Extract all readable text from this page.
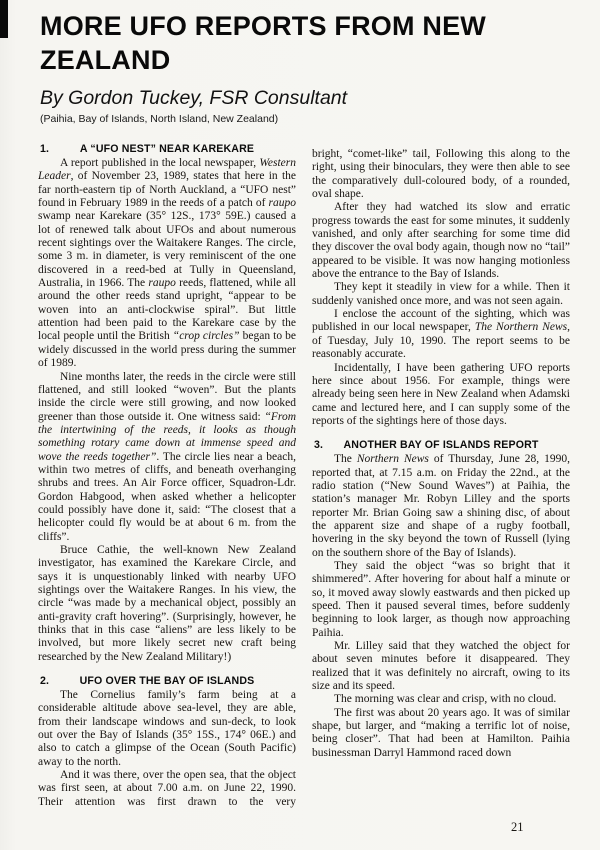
MORE UFO REPORTS FROM NEW
ZEALAND
By Gordon Tuckey, FSR Consultant
(Paihia, Bay of Islands, North Island, New Zealand)
1.	A “UFO NEST” NEAR KAREKARE

A report published in the local newspaper, Western Leader, of November 23, 1989, states that here in the far north-eastern tip of North Auckland, a “UFO nest” found in February 1989 in the reeds of a patch of raupo swamp near Karekare (35° 12S., 173° 59E.) caused a lot of renewed talk about UFOs and about numerous recent sightings over the Waitakere Ranges. The circle, some 3 m. in diameter, is very reminiscent of the one discovered in a reed-bed at Tully in Queensland, Australia, in 1966. The raupo reeds, flattened, while all around the other reeds stand upright, “appear to be woven into an anti-clockwise spiral”. But little attention had been paid to the Karekare case by the local people until the British “crop circles” began to be widely discussed in the world press during the summer of 1989.

Nine months later, the reeds in the circle were still flattened, and still looked “woven”. But the plants inside the circle were still growing, and now looked greener than those outside it. One witness said: “From the intertwining of the reeds, it looks as though something rotary came down at immense speed and wove the reeds together”. The circle lies near a beach, within two metres of cliffs, and beneath overhanging shrubs and trees. An Air Force officer, Squadron-Ldr. Gordon Habgood, when asked whether a helicopter could possibly have done it, said: “The closest that a helicopter could fly would be at about 6 m. from the cliffs”.

Bruce Cathie, the well-known New Zealand investigator, has examined the Karekare Circle, and says it is unquestionably linked with nearby UFO sightings over the Waitakere Ranges. In his view, the circle “was made by a mechanical object, possibly an anti-gravity craft hovering”. (Surprisingly, however, he thinks that in this case “aliens” are less likely to be involved, but more likely secret new craft being researched by the New Zealand Military!)

2.	UFO OVER THE BAY OF ISLANDS

The Cornelius family’s farm being at a considerable altitude above sea-level, they are able, from their landscape windows and sun-deck, to look out over the Bay of Islands (35° 15S., 174° 06E.) and also to catch a glimpse of the Ocean (South Pacific) away to the north.

And it was there, over the open sea, that the object was first seen, at about 7.00 a.m. on June 22, 1990. Their attention was first drawn to the very

bright, “comet-like” tail, Following this along to the right, using their binoculars, they were then able to see the comparatively dull-coloured body, of a rounded, oval shape.

After they had watched its slow and erratic progress towards the east for some minutes, it suddenly vanished, and only after searching for some time did they discover the oval body again, though now no “tail” appeared to be visible. It was now hanging motionless above the entrance to the Bay of Islands.

They kept it steadily in view for a while. Then it suddenly vanished once more, and was not seen again.

I enclose the account of the sighting, which was published in our local newspaper, The Northern News, of Tuesday, July 10, 1990. The report seems to be reasonably accurate.

Incidentally, I have been gathering UFO reports here since about 1956. For example, things were already being seen here in New Zealand when Adamski came and lectured here, and I can supply some of the reports of the sightings here of those days.

3. ANOTHER BAY OF ISLANDS REPORT

The Northern News of Thursday, June 28, 1990, reported that, at 7.15 a.m. on Friday the 22nd., at the radio station (“New Sound Waves”) at Paihia, the station’s manager Mr. Robyn Lilley and the sports reporter Mr. Brian Going saw a shining disc, of about the apparent size and shape of a rugby football, hovering in the sky beyond the town of Russell (lying on the southern shore of the Bay of Islands).

They said the object “was so bright that it shimmered”. After hovering for about half a minute or so, it moved away slowly eastwards and then picked up speed. Then it paused several times, before suddenly beginning to look larger, as though now approaching Paihia.

Mr. Lilley said that they watched the object for about seven minutes before it disappeared. They realized that it was definitely no aircraft, owing to its size and its speed.

The morning was clear and crisp, with no cloud.

The first was about 20 years ago. It was of similar shape, but larger, and “making a terrific lot of noise, being closer”. That had been at Hamilton. Paihia businessman Darryl Hammond raced down

21
